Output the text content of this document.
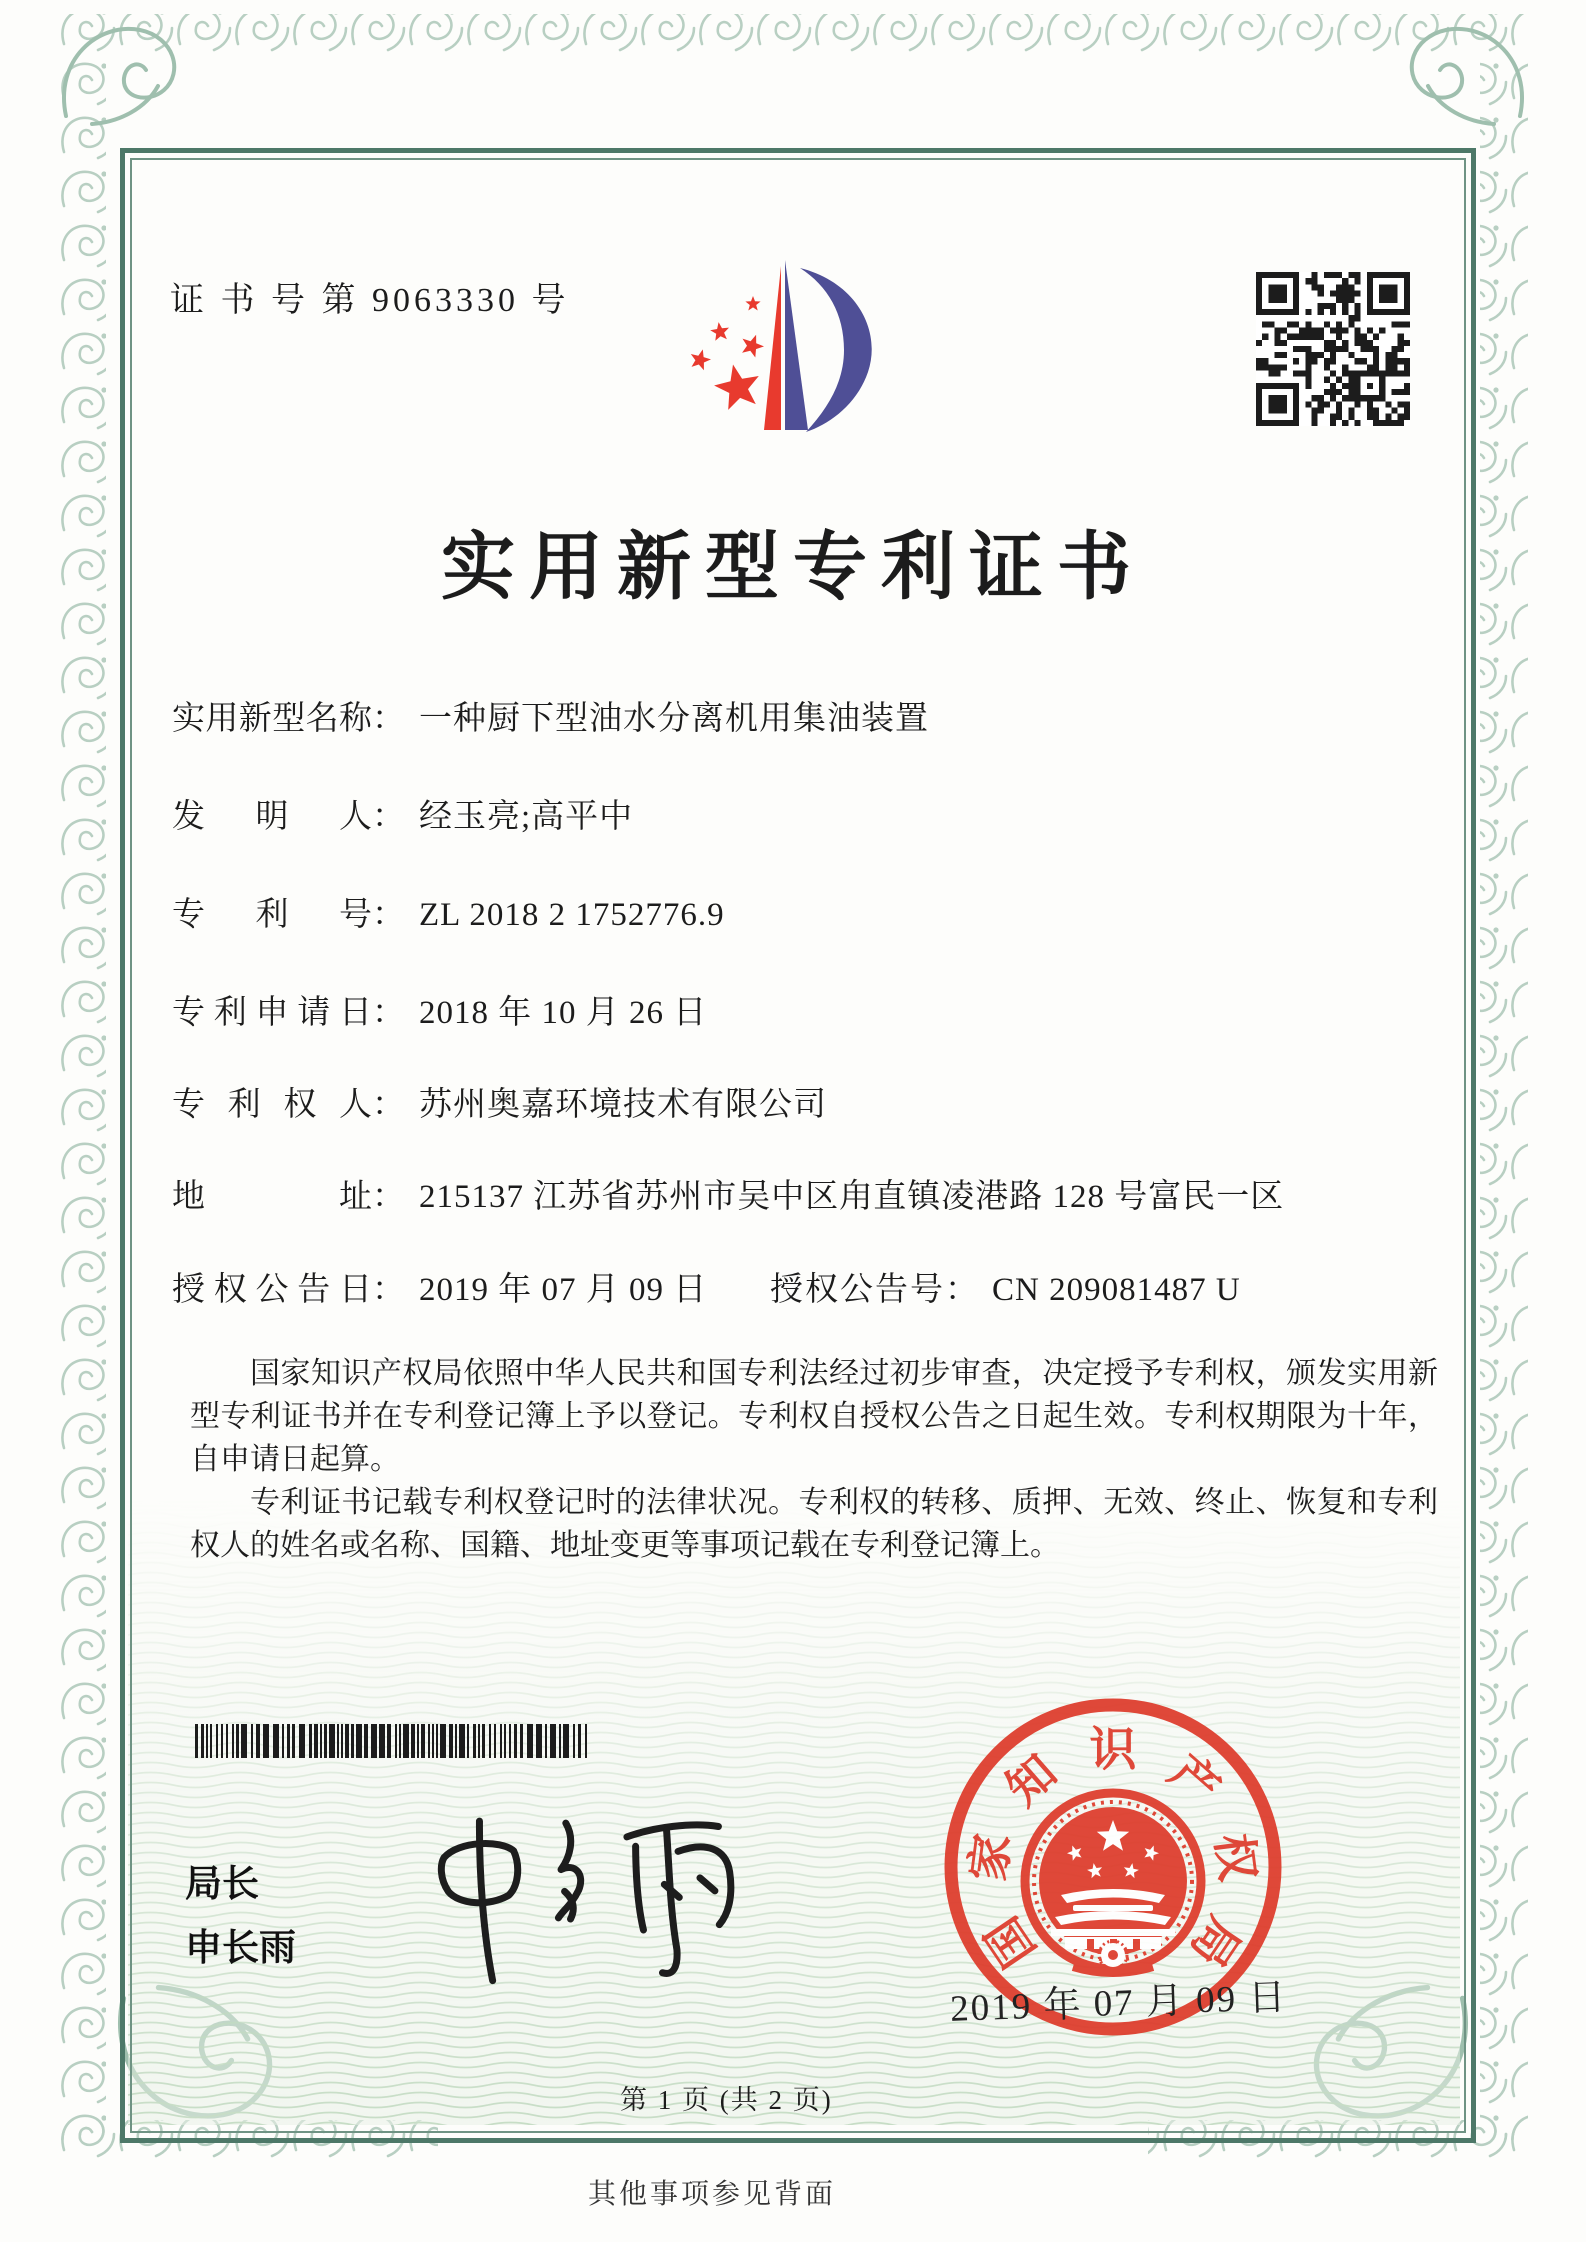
证 书 号 第 9063330 号
实用新型专利证书
实用新型名称： 一种厨下型油水分离机用集油装置
发明人： 经玉亮;高平中
专利号： ZL 2018 2 1752776.9
专利申请日： 2018 年 10 月 26 日
专利权人： 苏州奥嘉环境技术有限公司
地址： 215137 江苏省苏州市吴中区甪直镇凌港路 128 号富民一区
授权公告日： 2019 年 07 月 09 日 授权公告号： CN 209081487 U

国家知识产权局依照中华人民共和国专利法经过初步审查，决定授予专利权，颁发实用新型专利证书并在专利登记簿上予以登记。专利权自授权公告之日起生效。专利权期限为十年，自申请日起算。

专利证书记载专利权登记时的法律状况。专利权的转移、质押、无效、终止、恢复和专利权人的姓名或名称、国籍、地址变更等事项记载在专利登记簿上。

局长
申长雨	国
家
知 识 产
权
局
2019 年 07 月 09 日
第 1 页 (共 2 页)
其他事项参见背面
